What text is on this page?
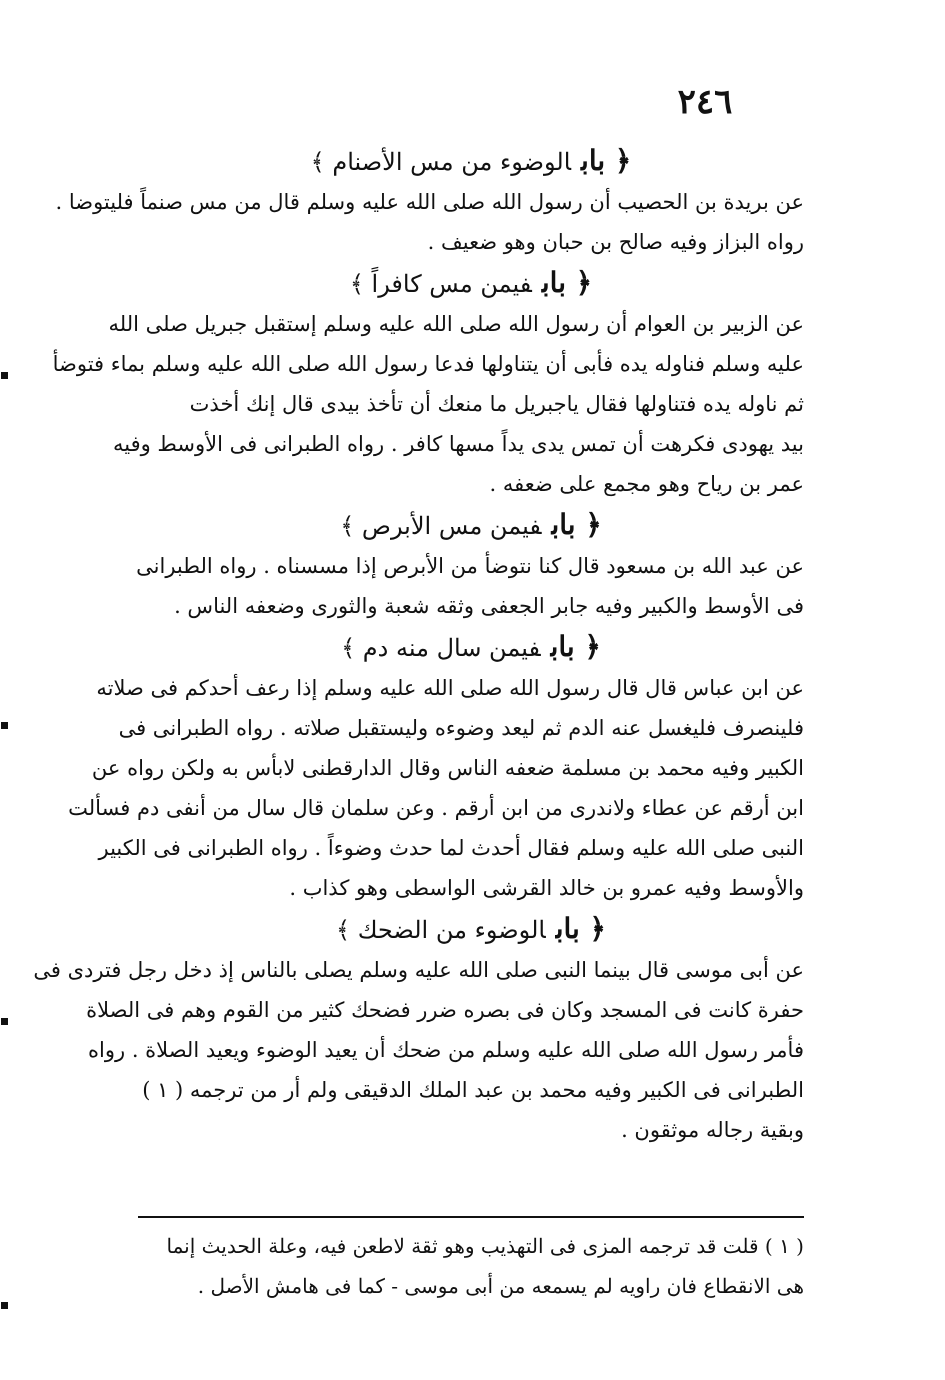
٢٤٦
﴿ بابالوضوء من مس الأصنام ﴾

عن بريدة بن الحصيب أن رسول الله صلى الله عليه وسلم قال من مس صنماً فليتوضا .

رواه البزاز وفيه صالح بن حبان وهو ضعيف .

﴿ بابفيمن مس كافراً ﴾

عن الزبير بن العوام أن رسول الله صلى الله عليه وسلم إستقبل جبريل صلى الله

عليه وسلم فناوله يده فأبى أن يتناولها فدعا رسول الله صلى الله عليه وسلم بماء فتوضأ

ثم ناوله يده فتناولها فقال ياجبريل ما منعك أن تأخذ بيدى قال إنك أخذت

بيد يهودى فكرهت أن تمس يدى يداً مسها كافر . رواه الطبرانى فى الأوسط وفيه

عمر بن رياح وهو مجمع على ضعفه .

﴿ بابفيمن مس الأبرص ﴾

عن عبد الله بن مسعود قال كنا نتوضأ من الأبرص إذا مسسناه . رواه الطبرانى

فى الأوسط والكبير وفيه جابر الجعفى وثقه شعبة والثورى وضعفه الناس .

﴿ بابفيمن سال منه دم ﴾

عن ابن عباس قال قال رسول الله صلى الله عليه وسلم إذا رعف أحدكم فى صلاته

فلينصرف فليغسل عنه الدم ثم ليعد وضوءه وليستقبل صلاته . رواه الطبرانى فى

الكبير وفيه محمد بن مسلمة ضعفه الناس وقال الدارقطنى لابأس به ولكن رواه عن

ابن أرقم عن عطاء ولاندرى من ابن أرقم . وعن سلمان قال سال من أنفى دم فسألت

النبى صلى الله عليه وسلم فقال أحدث لما حدث وضوءاً . رواه الطبرانى فى الكبير

والأوسط وفيه عمرو بن خالد القرشى الواسطى وهو كذاب .

﴿ بابالوضوء من الضحك ﴾

عن أبى موسى قال بينما النبى صلى الله عليه وسلم يصلى بالناس إذ دخل رجل فتردى فى

حفرة كانت فى المسجد وكان فى بصره ضرر فضحك كثير من القوم وهم فى الصلاة

فأمر رسول الله صلى الله عليه وسلم من ضحك أن يعيد الوضوء ويعيد الصلاة . رواه

الطبرانى فى الكبير وفيه محمد بن عبد الملك الدقيقى ولم أر من ترجمه ( ١ )

وبقية رجاله موثقون .

( ١ ) قلت قد ترجمه المزى فى التهذيب وهو ثقة لاطعن فيه، وعلة الحديث إنما

هى الانقطاع فان راويه لم يسمعه من أبى موسى - كما فى هامش الأصل .
